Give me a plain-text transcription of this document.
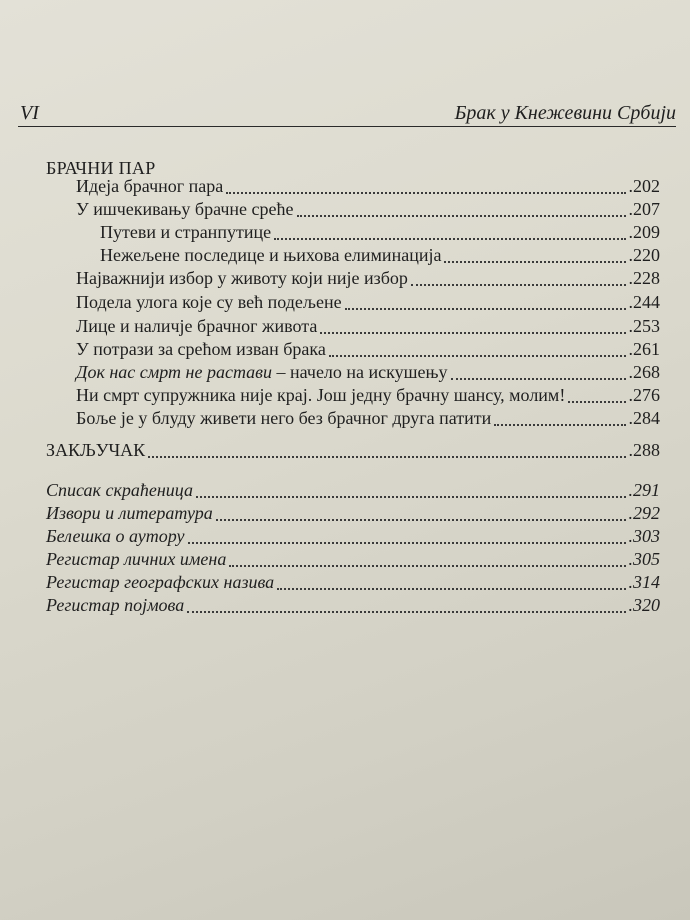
VI	Брак у Кнежевини Србији
БРАЧНИ ПАР
Идеја брачног пара	.202
У ишчекивању брачне среће	.207
Путеви и странпутице	.209
Нежељене последице и њихова елиминација	.220
Најважнији избор у животу који није избор	.228
Подела улога које су већ подељене	.244
Лице и наличје брачног живота	.253
У потрази за срећом изван брака	.261
Док нас смрт не растави – начело на искушењу	.268
Ни смрт супружника није крај. Још једну брачну шансу, молим!	.276
Боље је у блуду живети него без брачног друга патити	.284
ЗАКЉУЧАК	.288
Списак скраћеница	.291
Извори и литература	.292
Белешка о аутору	.303
Регистар личних имена	.305
Регистар географских назива	.314
Регистар појмова	.320
